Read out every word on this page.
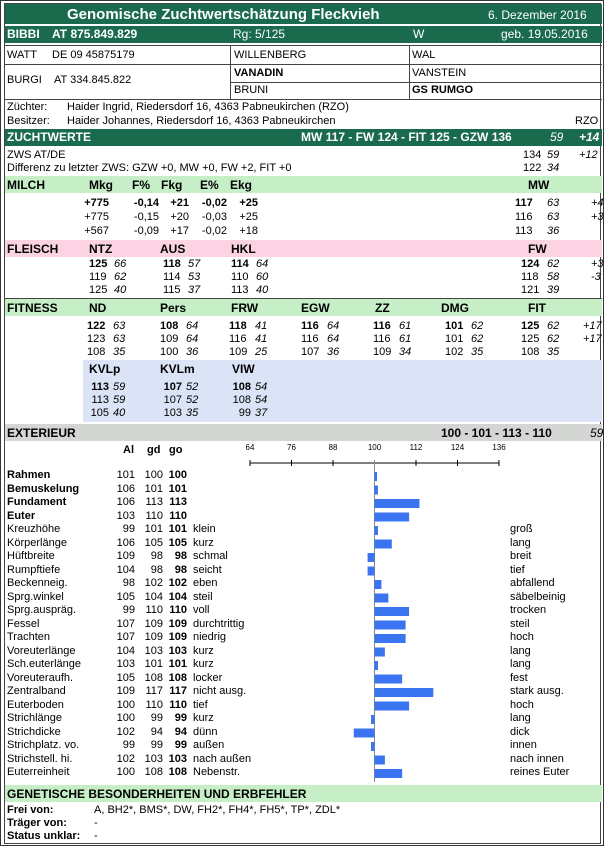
Genomische Zuchtwertschätzung Fleckvieh	6. Dezember 2016
BIBBI AT 875.849.829	Rg: 5/125	W	geb. 19.05.2016
WATT DE 09 45875179	WILLENBERG	WAL
BURGI AT 334.845.822
VANADIN	VANSTEIN
BRUNI	GS RUMGO
Züchter: Haider Ingrid, Riedersdorf 16, 4363 Pabneukirchen (RZO)
Besitzer: Haider Johannes, Riedersdorf 16, 4363 Pabneukirchen	RZO
ZUCHTWERTE	MW 117 - FW 124 - FIT 125 - GZW 136	59 +14
ZWS AT/DE	134 59 +12
Differenz zu letzter ZWS: GZW +0, MW +0, FW +2, FIT +0	122 34
MILCH	Mkg F% Fkg E% Ekg	MW
+775	-0,14	+21	-0,02	+25	117 63	+4
+775	-0,15	+20	-0,03	+25	116 63	+3
+567	-0,09	+17	-0,02	+18	113 36
FLEISCH	NTZ	AUS	HKL	FW
125 66	118 57	114 64	124 62	+3
119 62	114 53	110 60	118 58	-3
125 40	115 37	113 40	121 39
FITNESS	ND	Pers	FRW	EGW	ZZ	DMG	FIT
122 63	108 64	118 41	116 64	116 61	101 62	125 62 +17
123 63	109 64	116 41	116 64	116 61	101 62	125 62 +17
108 35	100 36	109 25	107 36	109 34	102 35	108 35
KVLp	KVLm	VIW
113 59	107 52	108 54
113 59	107 52	108 54
105 40	103 35	99 37
EXTERIEUR	100 - 101 - 113 - 110	59
Al gd go	64	76	88	100	112	124	136
Rahmen	101 100 100
Bemuskelung	106 101 101
Fundament	106 113 113
Euter	103 110 110
Kreuzhöhe	99 101 101 klein	groß
Körperlänge	106 105 105 kurz	lang
Hüftbreite	109	98	98 schmal	breit
Rumpftiefe	104	98	98 seicht	tief
Beckenneig.	98 102 102 eben	abfallend
Sprg.winkel	105 104 104 steil	säbelbeinig
Sprg.auspräg.	99 110 110 voll	trocken
Fessel	107 109 109 durchtrittig	steil
Trachten	107 109 109 niedrig	hoch
Voreuterlänge	104 103 103 kurz	lang
Sch.euterlänge	103 101 101 kurz	lang
Voreuteraufh.	105 108 108 locker	fest
Zentralband	109 117 117 nicht ausg.	stark ausg.
Euterboden	100 110 110 tief	hoch
Strichlänge	100	99	99 kurz	lang
Strichdicke	102	94	94 dünn	dick
Strichplatz. vo.	99	99	99 außen	innen
Strichstell. hi.	102 103 103 nach außen	nach innen
Euterreinheit	100 108 108 Nebenstr.	reines Euter
GENETISCHE BESONDERHEITEN UND ERBFEHLER
Frei von:	A, BH2*, BMS*, DW, FH2*, FH4*, FH5*, TP*, ZDL*
Träger von: -
Status unklar: -
